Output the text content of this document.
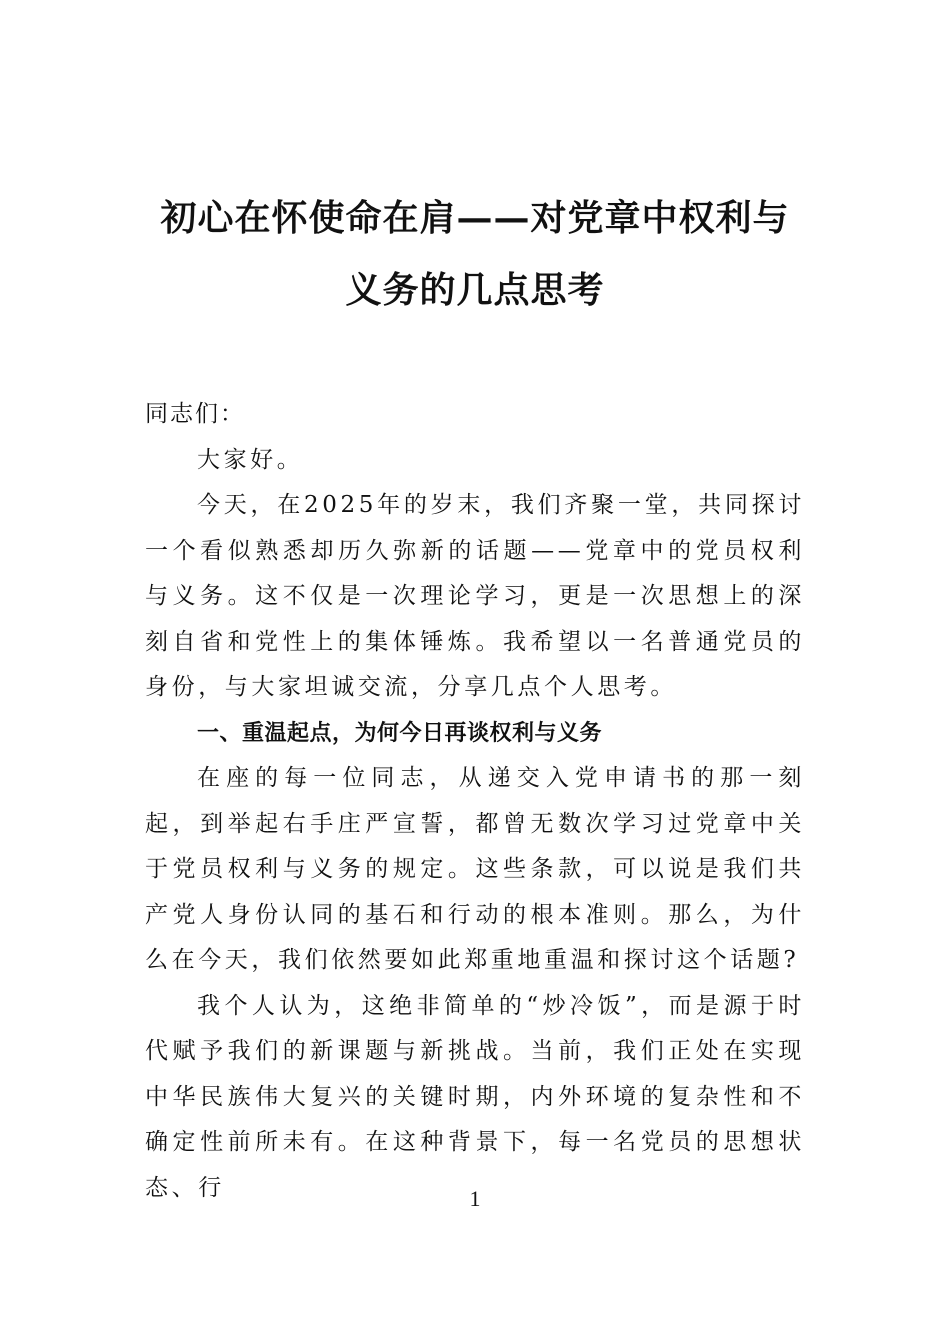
初心在怀使命在肩——对党章中权利与义务的几点思考

同志们：

大家好。

今天，在2025年的岁末，我们齐聚一堂，共同探讨一个看似熟悉却历久弥新的话题——党章中的党员权利与义务。这不仅是一次理论学习，更是一次思想上的深刻自省和党性上的集体锤炼。我希望以一名普通党员的身份，与大家坦诚交流，分享几点个人思考。

一、重温起点，为何今日再谈权利与义务

在座的每一位同志，从递交入党申请书的那一刻起，到举起右手庄严宣誓，都曾无数次学习过党章中关于党员权利与义务的规定。这些条款，可以说是我们共产党人身份认同的基石和行动的根本准则。那么，为什么在今天，我们依然要如此郑重地重温和探讨这个话题?

我个人认为，这绝非简单的“炒冷饭”，而是源于时代赋予我们的新课题与新挑战。当前，我们正处在实现中华民族伟大复兴的关键时期，内外环境的复杂性和不确定性前所未有。在这种背景下，每一名党员的思想状态、行	1
